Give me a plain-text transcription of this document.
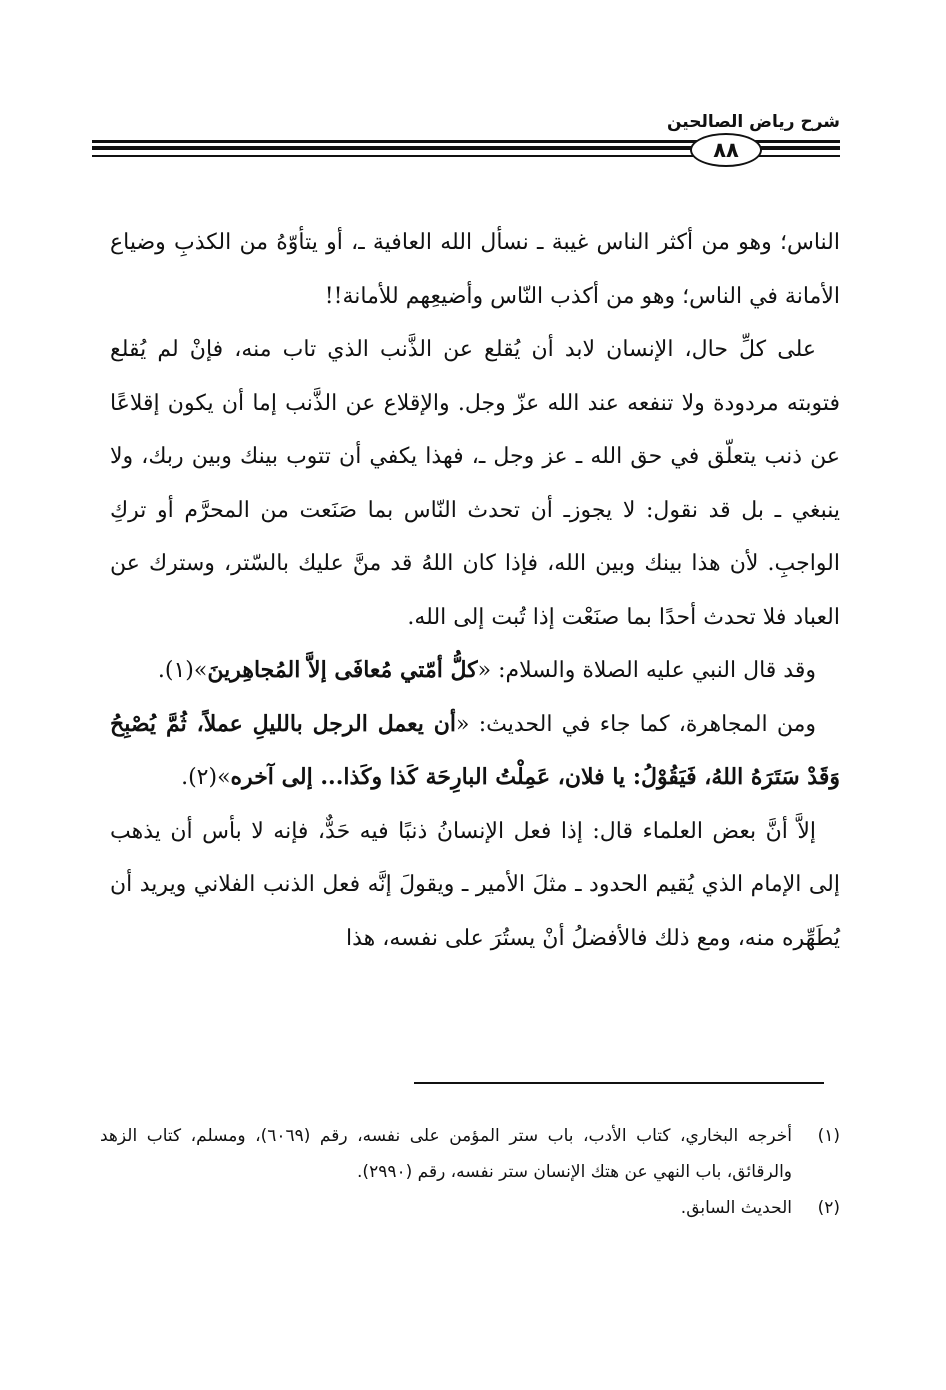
شرح رياض الصالحين
٨٨

الناس؛ وهو من أكثر الناس غيبة ـ نسأل الله العافية ـ، أو يتأوّهُ من الكذبِ وضياع الأمانة في الناس؛ وهو من أكذب النّاس وأضيعِهم للأمانة!!

على كلِّ حال، الإنسان لابد أن يُقلع عن الذَّنب الذي تاب منه، فإنْ لم يُقلع فتوبته مردودة ولا تنفعه عند الله عزّ وجل. والإقلاع عن الذَّنب إما أن يكون إقلاعًا عن ذنب يتعلّق في حق الله ـ عز وجل ـ، فهذا يكفي أن تتوب بينك وبين ربك، ولا ينبغي ـ بل قد نقول: لا يجوزـ أن تحدث النّاس بما صَنَعت من المحرَّم أو تركِ الواجبِ. لأن هذا بينك وبين الله، فإذا كان اللهُ قد منَّ عليك بالسّتر، وسترك عن العباد فلا تحدث أحدًا بما صنَعْت إذا تُبت إلى الله.

وقد قال النبي عليه الصلاة والسلام: «كلُّ أمّتي مُعافَى إلاَّ المُجاهِرينَ»(١).

ومن المجاهرة، كما جاء في الحديث: «أن يعمل الرجل بالليلِ عملاً، ثُمَّ يُصْبِحُ وَقَدْ سَتَرَهُ اللهُ، فَيَقُوْلُ: يا فلان، عَمِلْتُ البارِحَة كَذا وكَذا... إلى آخره»(٢).

إلاَّ أنَّ بعض العلماء قال: إذا فعل الإنسانُ ذنبًا فيه حَدٌّ، فإنه لا بأس أن يذهب إلى الإمام الذي يُقيم الحدود ـ مثلَ الأمير ـ ويقولَ إنَّه فعل الذنب الفلاني ويريد أن يُطَهِّره منه، ومع ذلك فالأفضلُ أنْ يستُرَ على نفسه، هذا

(١)
أخرجه البخاري، كتاب الأدب، باب ستر المؤمن على نفسه، رقم (٦٠٦٩)، ومسلم، كتاب الزهد والرقائق، باب النهي عن هتك الإنسان ستر نفسه، رقم (٢٩٩٠).

(٢)
الحديث السابق.
